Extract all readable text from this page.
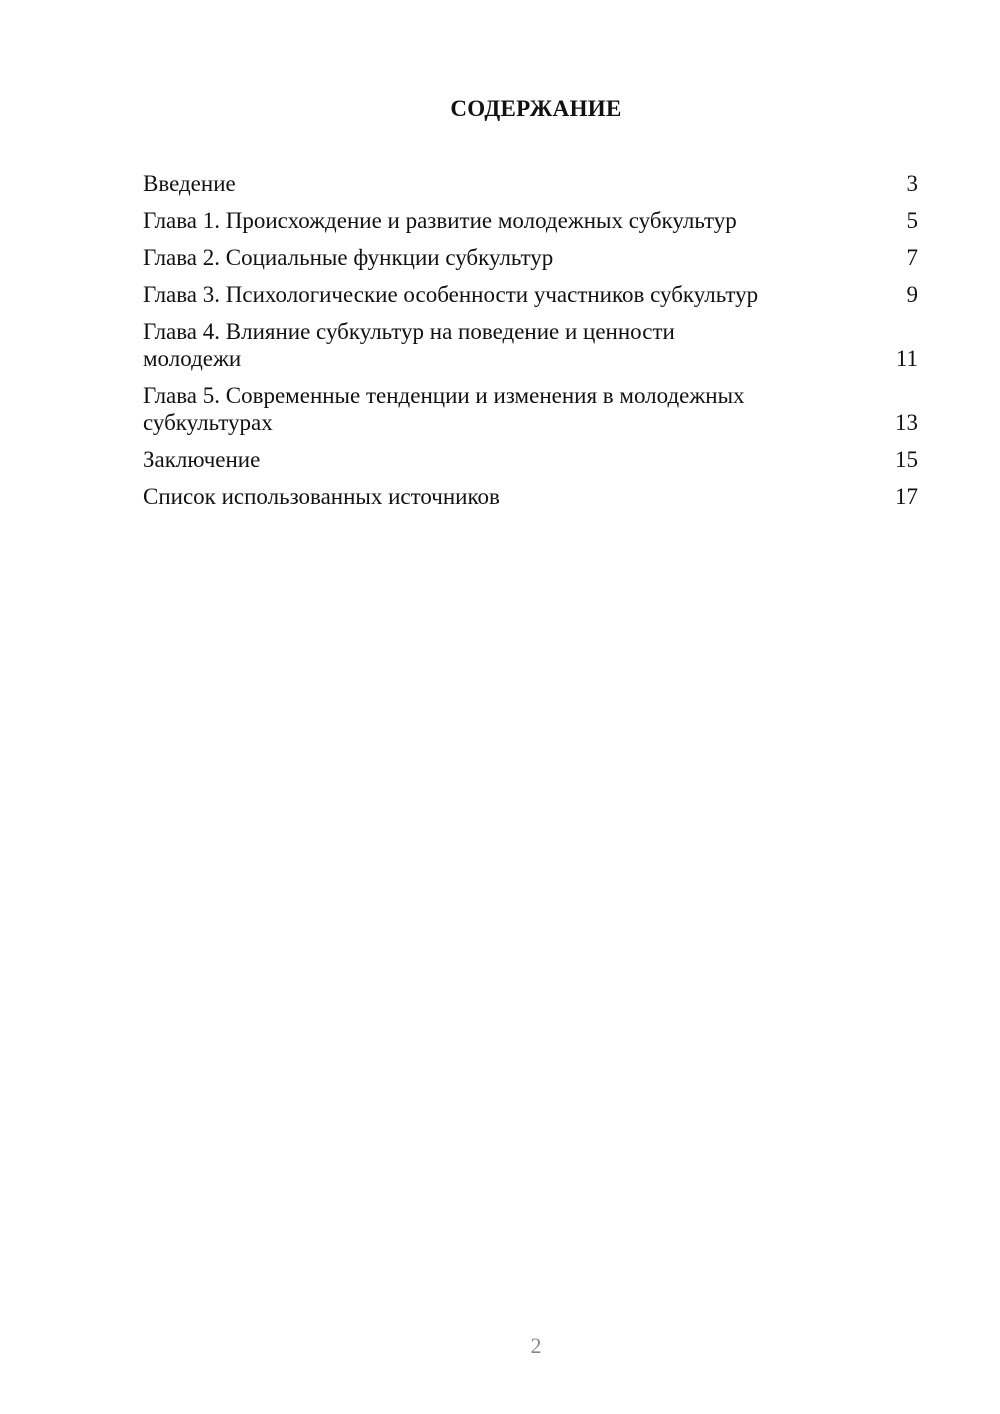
СОДЕРЖАНИЕ
Введение	3
Глава 1. Происхождение и развитие молодежных субкультур	5
Глава 2. Социальные функции субкультур	7
Глава 3. Психологические особенности участников субкультур	9
Глава 4. Влияние субкультур на поведение и ценности молодежи	11
Глава 5. Современные тенденции и изменения в молодежных субкультурах	13
Заключение	15
Список использованных источников	17
2
